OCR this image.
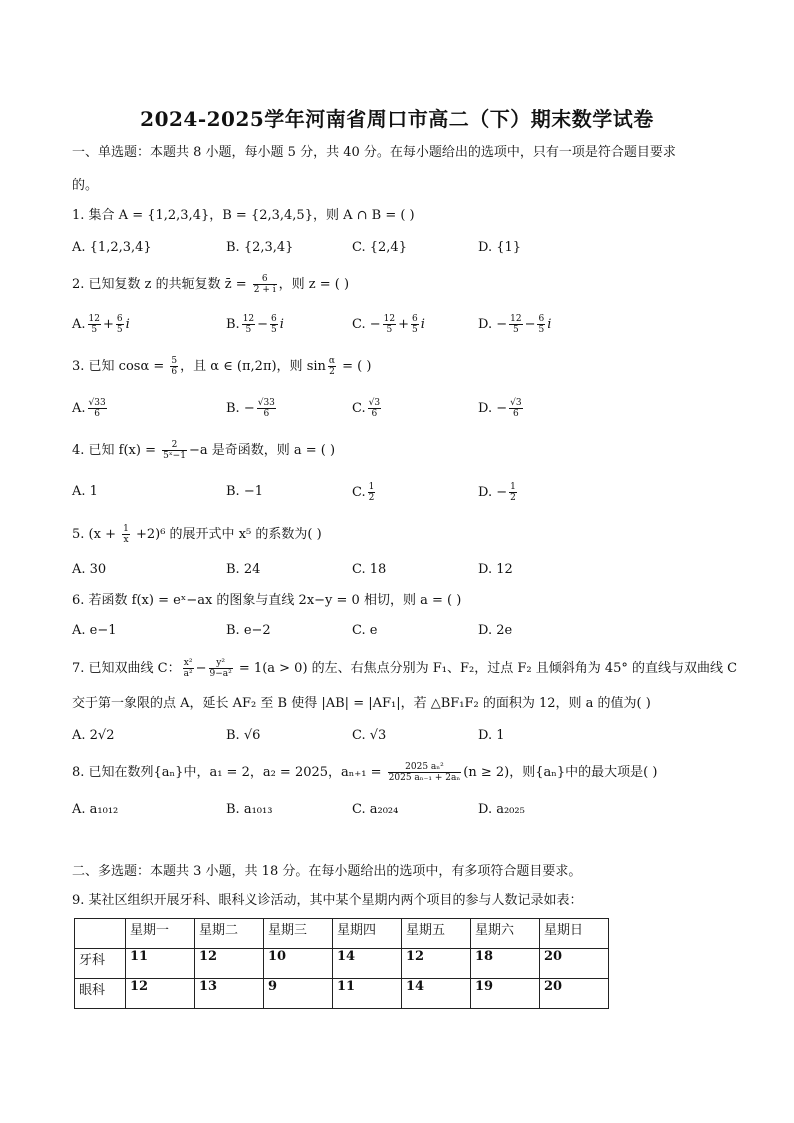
2024-2025学年河南省周口市高二（下）期末数学试卷
一、单选题：本题共 8 小题，每小题 5 分，共 40 分。在每小题给出的选项中，只有一项是符合题目要求
的。
1. 集合 A = {1,2,3,4}，B = {2,3,4,5}，则 A ∩ B = ( )
A. {1,2,3,4}	B. {2,3,4}	C. {2,4}	D. {1}
2. 已知复数 z 的共轭复数 z̄ = $\frac{6}{2 + i}$ ，则 z = ( )
A. $\frac{12}{5} + \frac{6}{5}$ i	B. $\frac{12}{5} - \frac{6}{5}$ i	C. − $\frac{12}{5} + \frac{6}{5}$ i	D. − $\frac{12}{5} - \frac{6}{5}$ i
3. 已知 $\cos\alpha = \frac{5}{6}$ ，且 α ∈ (π,2π)，则 $\sin \frac{\alpha}{2}$ = ( )
A. $\frac{√33}{6}$	B. − $\frac{√33}{6}$	C. $\frac{√3}{6}$	D. − $\frac{√3}{6}$
4. 已知 $f(x) = \frac{2}{\text{5ˣ−1}} -a$ 是奇函数，则 a = ( )
A. 1	B. −1	C. $\frac{1}{2}$	D. − $\frac{1}{2}$
5. $(x + \frac{1}{x} +2)^6$ 的展开式中 x⁵ 的系数为( )
A. 30	B. 24	C. 18	D. 12
6. 若函数 f(x) = eˣ−ax 的图象与直线 2x−y = 0 相切，则 a = ( )
A. e−1	B. e−2	C. e	D. 2e
7. 已知双曲线 C： $\frac{\text{x²}}{\text{a²}} - \frac{\text{y²}}{\text{9−a²}} = 1(a > 0)$ 的左、右焦点分别为 F₁、F₂，过点 F₂ 且倾斜角为 45° 的直线与双曲线 C
交于第一象限的点 A，延长 AF₂ 至 B 使得 |AB| = |AF₁|，若 △BF₁F₂ 的面积为 12，则 a 的值为( )
A. 2√2	B. √6	C. √3	D. 1
8. 已知在数列{aₙ}中，a₁ = 2，a₂ = 2025，$a_{n+1} = \frac{\text{2025 aₙ²}}{\text{2025 aₙ₋₁ + 2aₙ}} (n \ge 2)$，则{aₙ}中的最大项是( )
A. a₁₀₁₂	B. a₁₀₁₃	C. a₂₀₂₄	D. a₂₀₂₅
二、多选题：本题共 3 小题，共 18 分。在每小题给出的选项中，有多项符合题目要求。
9. 某社区组织开展牙科、眼科义诊活动，其中某个星期内两个项目的参与人数记录如表：
	星期一	星期二	星期三	星期四	星期五	星期六	星期日
牙科	11	12	10	14	12	18	20
眼科	12	13	9	11	14	19	20
